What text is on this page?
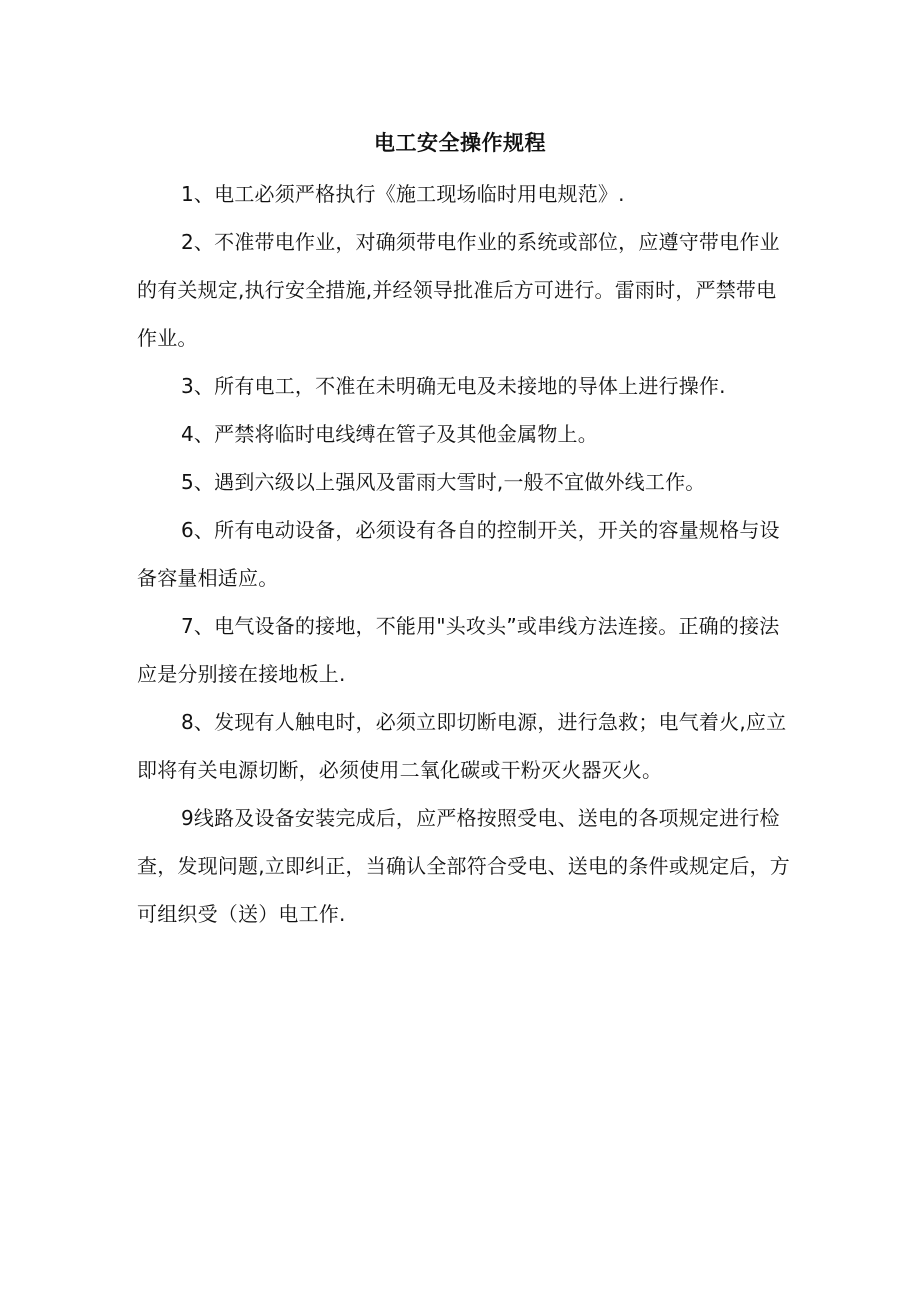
电工安全操作规程

1、电工必须严格执行《施工现场临时用电规范》.

2、不准带电作业，对确须带电作业的系统或部位，应遵守带电作业的有关规定,执行安全措施,并经领导批准后方可进行。雷雨时，严禁带电作业。

3、所有电工，不准在未明确无电及未接地的导体上进行操作.

4、严禁将临时电线缚在管子及其他金属物上。

5、遇到六级以上强风及雷雨大雪时,一般不宜做外线工作。

6、所有电动设备，必须设有各自的控制开关，开关的容量规格与设备容量相适应。

7、电气设备的接地，不能用"头攻头”或串线方法连接。正确的接法应是分别接在接地板上.

8、发现有人触电时，必须立即切断电源，进行急救；电气着火,应立即将有关电源切断，必须使用二氧化碳或干粉灭火器灭火。

9线路及设备安装完成后，应严格按照受电、送电的各项规定进行检查，发现问题,立即纠正，当确认全部符合受电、送电的条件或规定后，方可组织受（送）电工作.
